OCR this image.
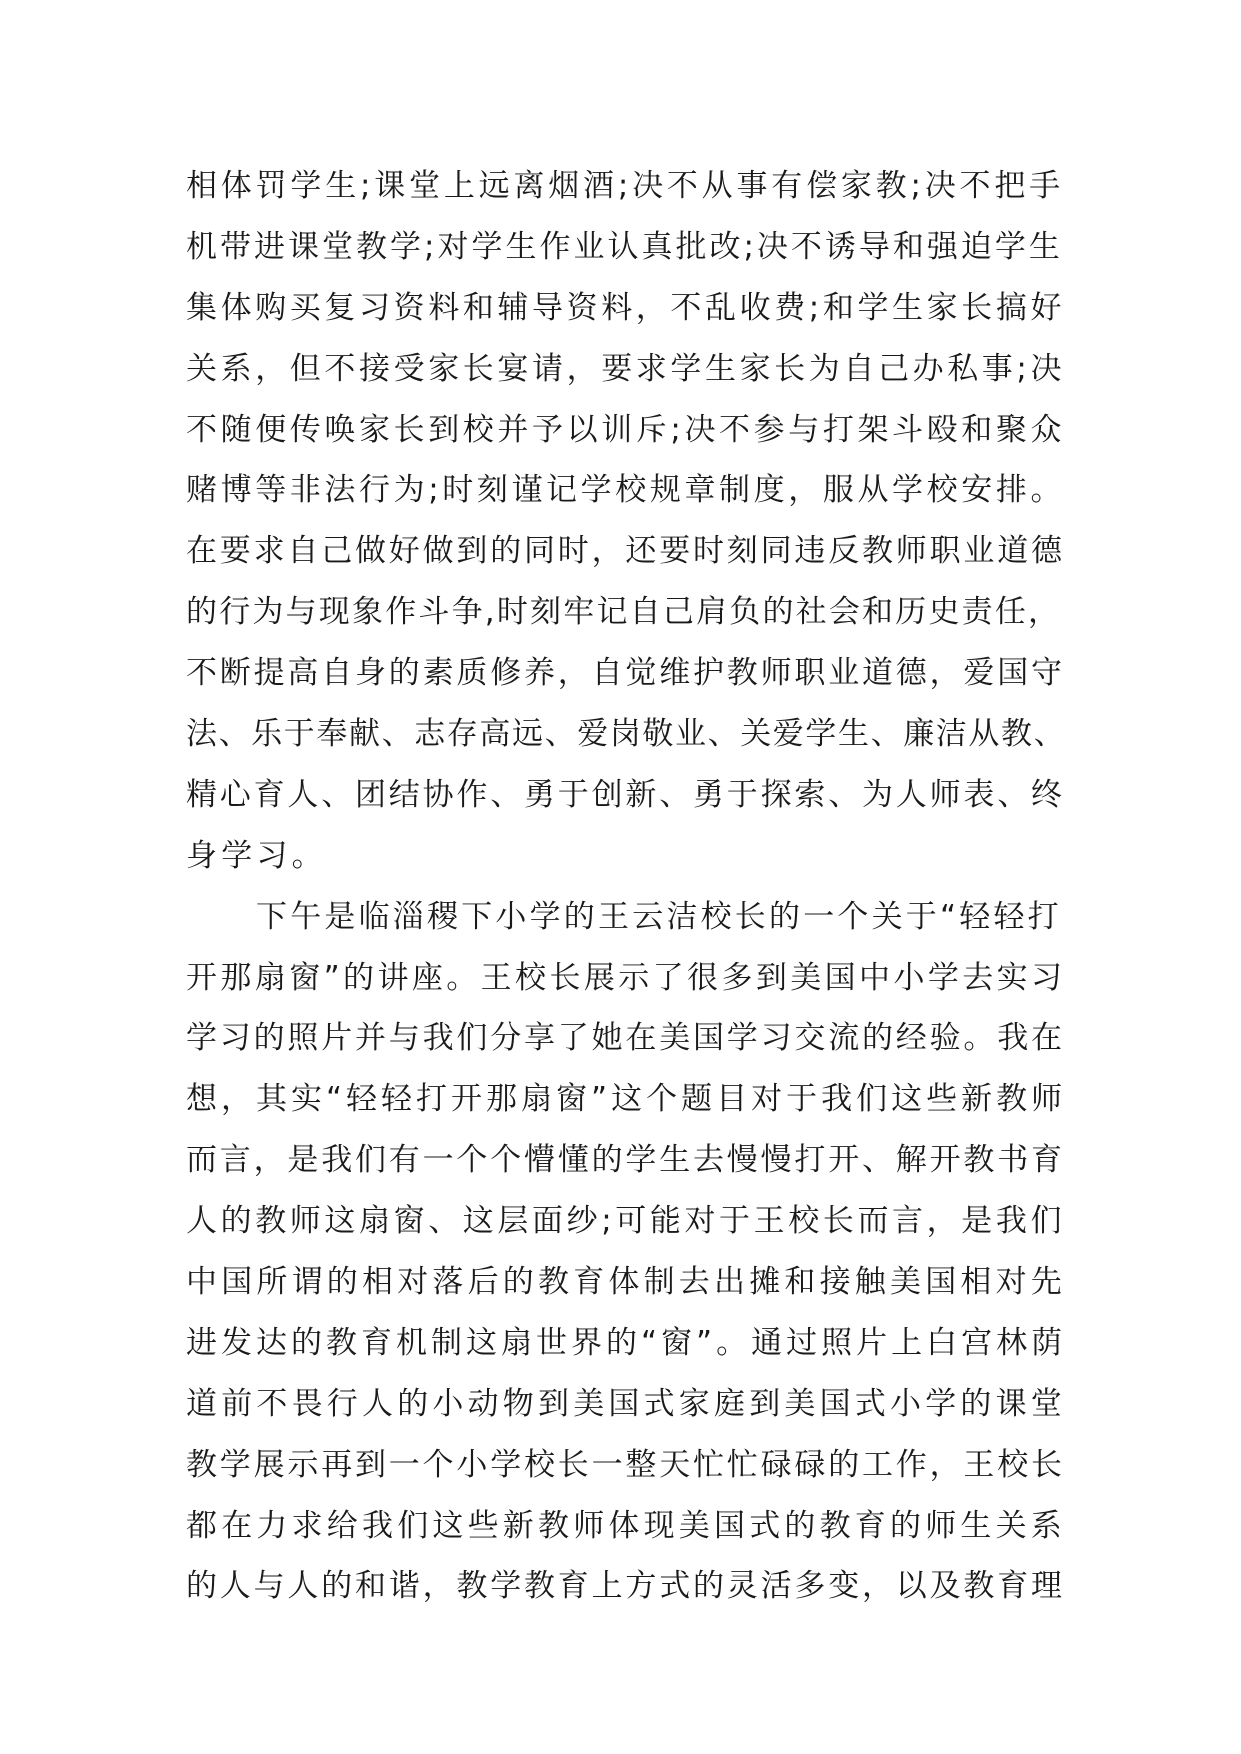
相体罚学生;课堂上远离烟酒;决不从事有偿家教;决不把手
机带进课堂教学;对学生作业认真批改;决不诱导和强迫学生
集体购买复习资料和辅导资料，不乱收费;和学生家长搞好
关系，但不接受家长宴请，要求学生家长为自己办私事;决
不随便传唤家长到校并予以训斥;决不参与打架斗殴和聚众
赌博等非法行为;时刻谨记学校规章制度，服从学校安排。
在要求自己做好做到的同时，还要时刻同违反教师职业道德
的行为与现象作斗争,时刻牢记自己肩负的社会和历史责任，
不断提高自身的素质修养，自觉维护教师职业道德，爱国守
法、乐于奉献、志存高远、爱岗敬业、关爱学生、廉洁从教、
精心育人、团结协作、勇于创新、勇于探索、为人师表、终
身学习。
下午是临淄稷下小学的王云洁校长的一个关于“轻轻打
开那扇窗”的讲座。王校长展示了很多到美国中小学去实习
学习的照片并与我们分享了她在美国学习交流的经验。我在
想，其实“轻轻打开那扇窗”这个题目对于我们这些新教师
而言，是我们有一个个懵懂的学生去慢慢打开、解开教书育
人的教师这扇窗、这层面纱;可能对于王校长而言，是我们
中国所谓的相对落后的教育体制去出摊和接触美国相对先
进发达的教育机制这扇世界的“窗”。通过照片上白宫林荫
道前不畏行人的小动物到美国式家庭到美国式小学的课堂
教学展示再到一个小学校长一整天忙忙碌碌的工作，王校长
都在力求给我们这些新教师体现美国式的教育的师生关系
的人与人的和谐，教学教育上方式的灵活多变，以及教育理
